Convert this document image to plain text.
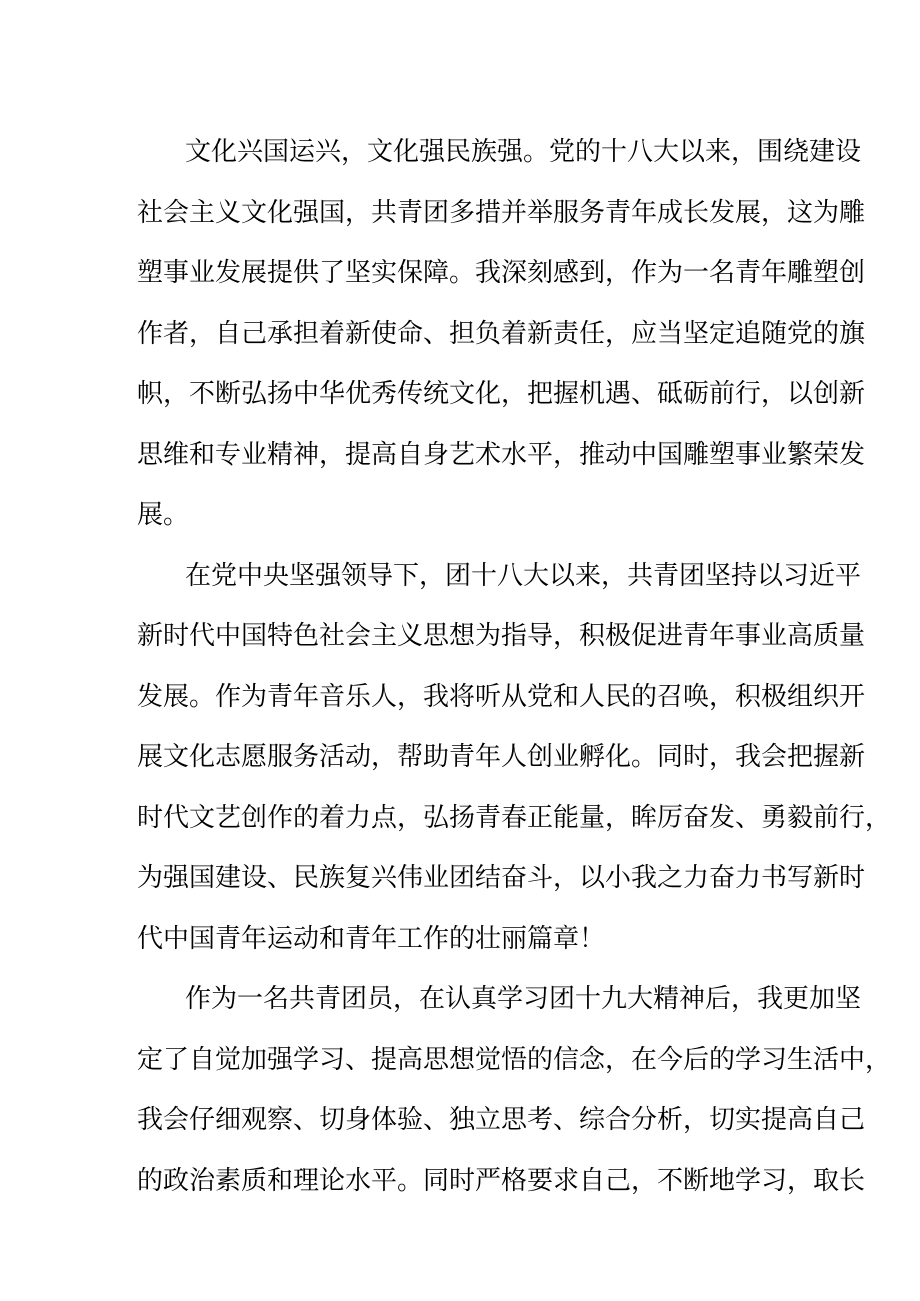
文化兴国运兴，文化强民族强。党的十八大以来，围绕建设
社会主义文化强国，共青团多措并举服务青年成长发展，这为雕
塑事业发展提供了坚实保障。我深刻感到，作为一名青年雕塑创
作者，自己承担着新使命、担负着新责任，应当坚定追随党的旗
帜，不断弘扬中华优秀传统文化，把握机遇、砥砺前行，以创新
思维和专业精神，提高自身艺术水平，推动中国雕塑事业繁荣发
展。
在党中央坚强领导下，团十八大以来，共青团坚持以习近平
新时代中国特色社会主义思想为指导，积极促进青年事业高质量
发展。作为青年音乐人，我将听从党和人民的召唤，积极组织开
展文化志愿服务活动，帮助青年人创业孵化。同时，我会把握新
时代文艺创作的着力点，弘扬青春正能量，眸厉奋发、勇毅前行，
为强国建设、民族复兴伟业团结奋斗，以小我之力奋力书写新时
代中国青年运动和青年工作的壮丽篇章！
作为一名共青团员，在认真学习团十九大精神后，我更加坚
定了自觉加强学习、提高思想觉悟的信念，在今后的学习生活中，
我会仔细观察、切身体验、独立思考、综合分析，切实提高自己
的政治素质和理论水平。同时严格要求自己，不断地学习，取长
